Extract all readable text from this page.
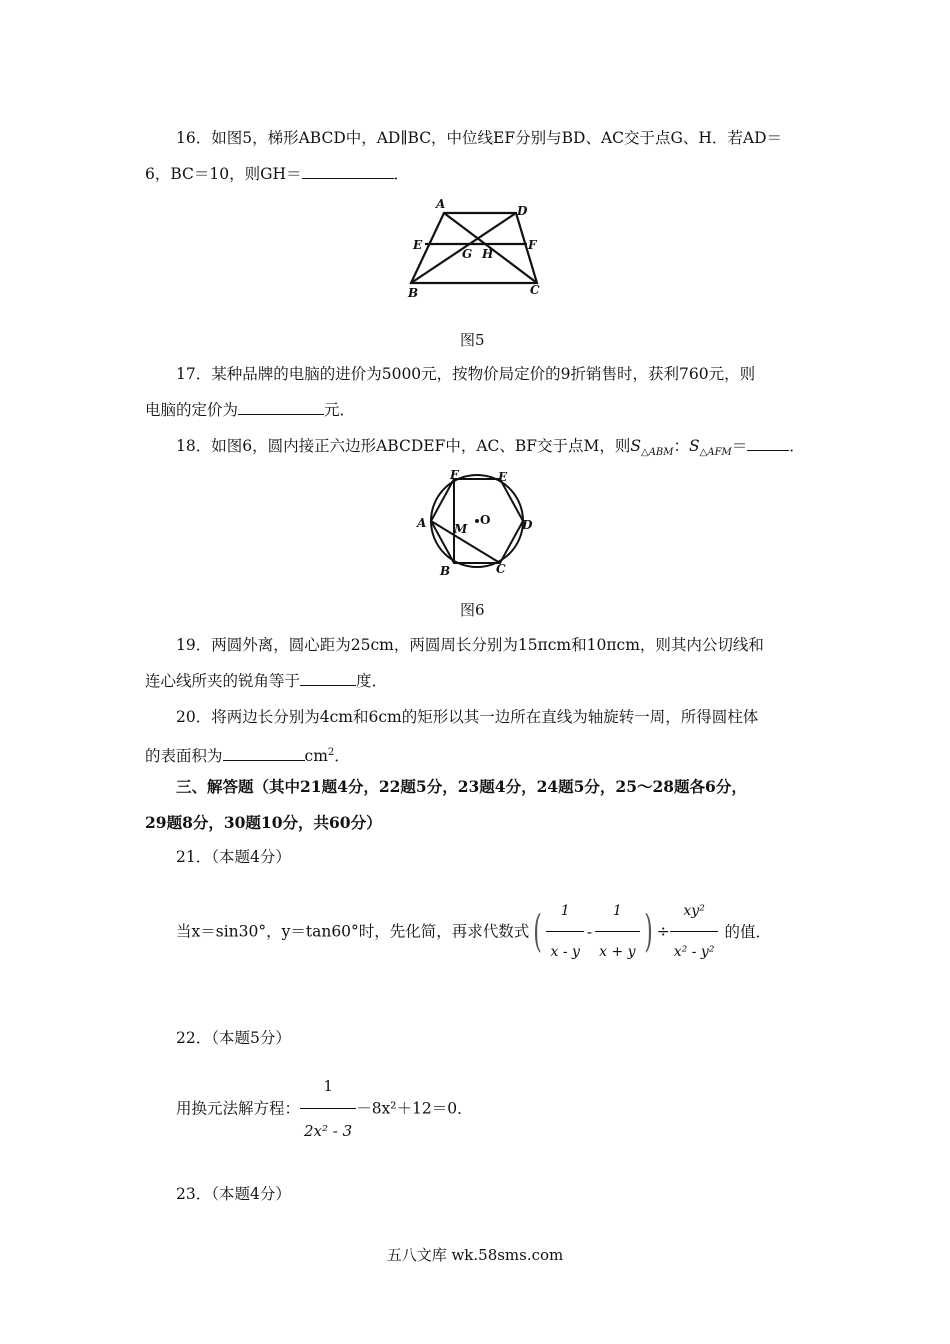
16．如图5，梯形ABCD中，AD∥BC，中位线EF分别与BD、AC交于点G、H．若AD＝
6，BC＝10，则GH＝	．
A	D
E	F
G H
B	C
图5
17．某种品牌的电脑的进价为5000元，按物价局定价的9折销售时，获利760元，则
电脑的定价为	元．
18．如图6，圆内接正六边形ABCDEF中，AC、BF交于点M，则$S_{\triangle ABM}$：$S_{\triangle AFM}=$	．
F	E
A	D
M
O
B	C
图6
19．两圆外离，圆心距为25cm，两圆周长分别为15πcm和10πcm，则其内公切线和
连心线所夹的锐角等于	度．
20．将两边长分别为4cm和6cm的矩形以其一边所在直线为轴旋转一周，所得圆柱体
的表面积为	$cm^2$．
三、解答题（其中21题4分，22题5分，23题4分，24题5分，25～28题各6分，
29题8分，30题10分，共60分）
21．（本题4分）
当x＝sin30°，y＝tan60°时，先化简，再求代数式( $\frac{1}{x - y} - \frac{1}{x + y}$ ) ÷ $\frac{\text{xy²}}{\text{x² - y²}}$ 的值．
22．（本题5分）
用换元法解方程： $\frac{1}{\text{2x² - 3}} -8x^2+12=0$．
23．（本题4分）
五八文库 wk.58sms.com
